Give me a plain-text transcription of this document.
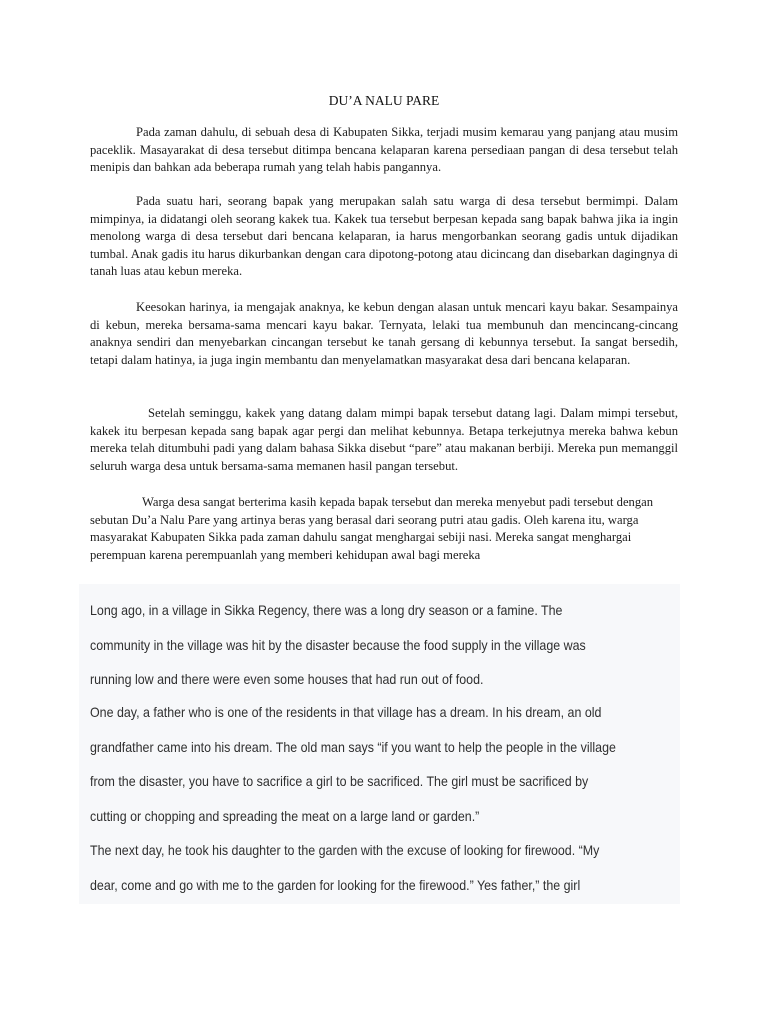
DU’A NALU PARE

Pada zaman dahulu, di sebuah desa di Kabupaten Sikka, terjadi musim kemarau yang panjang atau musim paceklik. Masayarakat di desa tersebut ditimpa bencana kelaparan karena persediaan pangan di desa tersebut telah menipis dan bahkan ada beberapa rumah yang telah habis pangannya.

Pada suatu hari, seorang bapak yang merupakan salah satu warga di desa tersebut bermimpi. Dalam mimpinya, ia didatangi oleh seorang kakek tua. Kakek tua tersebut berpesan kepada sang bapak bahwa jika ia ingin menolong warga di desa tersebut dari bencana kelaparan, ia harus mengorbankan seorang gadis untuk dijadikan tumbal. Anak gadis itu harus dikurbankan dengan cara dipotong-potong atau dicincang dan disebarkan dagingnya di tanah luas atau kebun mereka.

Keesokan harinya, ia mengajak anaknya, ke kebun dengan alasan untuk mencari kayu bakar. Sesampainya di kebun, mereka bersama-sama mencari kayu bakar. Ternyata, lelaki tua membunuh dan mencincang-cincang anaknya sendiri dan menyebarkan cincangan tersebut ke tanah gersang di kebunnya tersebut. Ia sangat bersedih, tetapi dalam hatinya, ia juga ingin membantu dan menyelamatkan masyarakat desa dari bencana kelaparan.

Setelah seminggu, kakek yang datang dalam mimpi bapak tersebut datang lagi. Dalam mimpi tersebut, kakek itu berpesan kepada sang bapak agar pergi dan melihat kebunnya. Betapa terkejutnya mereka bahwa kebun mereka telah ditumbuhi padi yang dalam bahasa Sikka disebut “pare” atau makanan berbiji. Mereka pun memanggil seluruh warga desa untuk bersama-sama memanen hasil pangan tersebut.

Warga desa sangat berterima kasih kepada bapak tersebut dan mereka menyebut padi tersebut dengan sebutan Du’a Nalu Pare yang artinya beras yang berasal dari seorang putri atau gadis. Oleh karena itu, warga masyarakat Kabupaten Sikka pada zaman dahulu sangat menghargai sebiji nasi. Mereka sangat menghargai perempuan karena perempuanlah yang memberi kehidupan awal bagi mereka

Long ago, in a village in Sikka Regency, there was a long dry season or a famine. The
community in the village was hit by the disaster because the food supply in the village was
running low and there were even some houses that had run out of food.

One day, a father who is one of the residents in that village has a dream. In his dream, an old
grandfather came into his dream. The old man says “if you want to help the people in the village
from the disaster, you have to sacrifice a girl to be sacrificed. The girl must be sacrificed by
cutting or chopping and spreading the meat on a large land or garden.”

The next day, he took his daughter to the garden with the excuse of looking for firewood. “My
dear, come and go with me to the garden for looking for the firewood.” Yes father,” the girl
